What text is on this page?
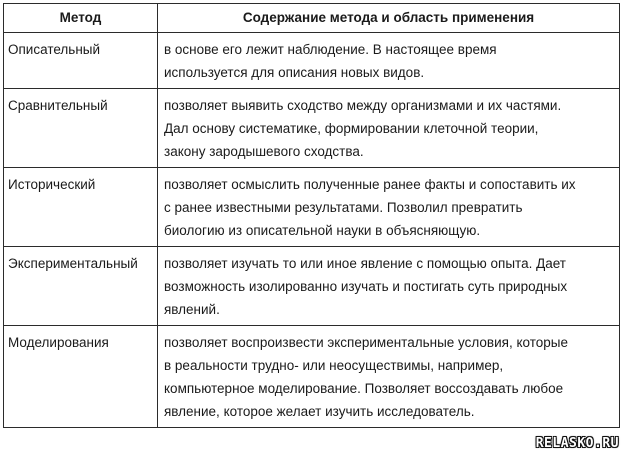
Метод	Содержание метода и область применения
Описательный	в основе его лежит наблюдение. В настоящее время
используется для описания новых видов.

Сравнительный	позволяет выявить сходство между организмами и их частями.
Дал основу систематике, формировании клеточной теории,
закону зародышевого сходства.

Исторический	позволяет осмыслить полученные ранее факты и сопоставить их
с ранее известными результатами. Позволил превратить
биологию из описательной науки в объясняющую.

Экспериментальный	позволяет изучать то или иное явление с помощью опыта. Дает
возможность изолированно изучать и постигать суть природных
явлений.

Моделирования	позволяет воспроизвести экспериментальные условия, которые
в реальности трудно- или неосуществимы, например,
компьютерное моделирование. Позволяет воссоздавать любое
явление, которое желает изучить исследователь.
RELASKO.RU
